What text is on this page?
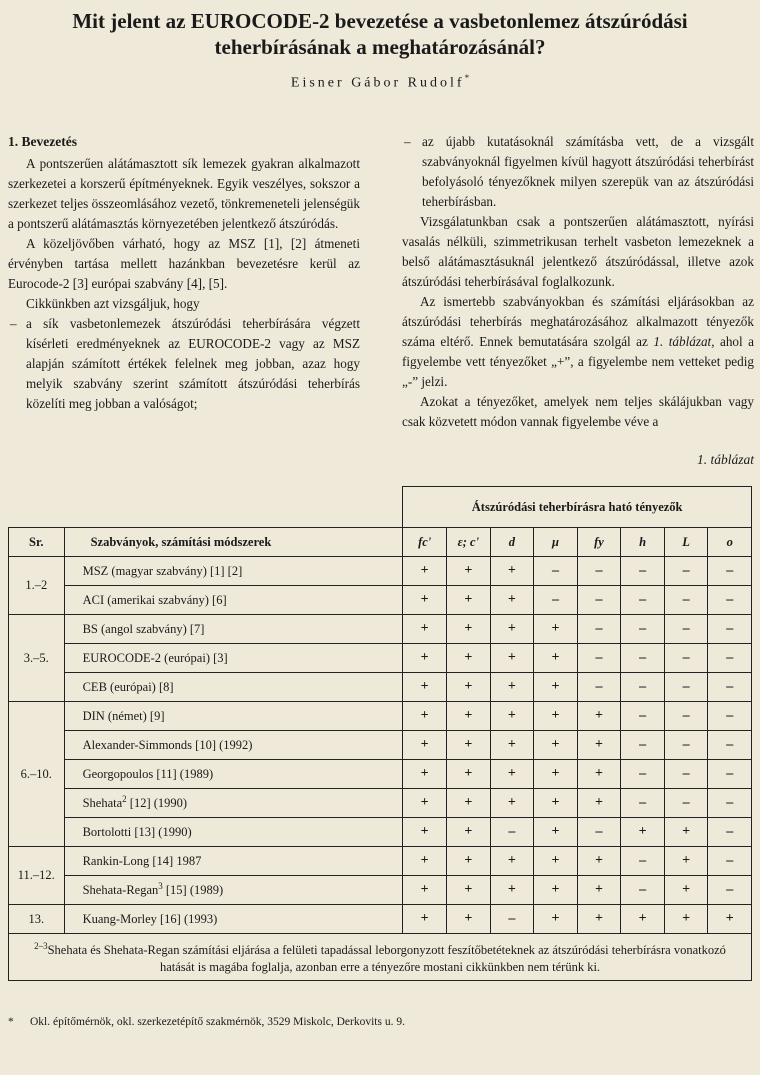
Mit jelent az EUROCODE-2 bevezetése a vasbetonlemez átszúródási
teherbírásának a meghatározásánál?
Eisner Gábor Rudolf*

1. Bevezetés

A pontszerűen alátámasztott sík lemezek gyakran alkalmazott szerkezetei a korszerű építményeknek. Egyik veszélyes, sokszor a szerkezet teljes összeomlásához vezető, tönkremeneteli jelenségük a pontszerű alátámasztás környezetében jelentkező átszúródás.

A közeljövőben várható, hogy az MSZ [1], [2] átmeneti érvényben tartása mellett hazánkban bevezetésre kerül az Eurocode-2 [3] európai szabvány [4], [5].

Cikkünkben azt vizsgáljuk, hogy

– a sík vasbetonlemezek átszúródási teherbírására végzett kísérleti eredményeknek az EUROCODE-2 vagy az MSZ alapján számított értékek felelnek meg jobban, azaz hogy melyik szabvány szerint számított átszúródási teherbírás közelíti meg jobban a valóságot;

– az újabb kutatásoknál számításba vett, de a vizsgált szabványoknál figyelmen kívül hagyott átszúródási teherbírást befolyásoló tényezőknek milyen szerepük van az átszúródási teherbírásban.

Vizsgálatunkban csak a pontszerűen alátámasztott, nyírási vasalás nélküli, szimmetrikusan terhelt vasbeton lemezeknek a belső alátámasztásuknál jelentkező átszúródással, illetve azok átszúródási teherbírásával foglalkozunk.

Az ismertebb szabványokban és számítási eljárásokban az átszúródási teherbírás meghatározásához alkalmazott tényezők száma eltérő. Ennek bemutatására szolgál az 1. táblázat, ahol a figyelembe vett tényezőket „+”, a figyelembe nem vetteket pedig „-” jelzi.

Azokat a tényezőket, amelyek nem teljes skálájukban vagy csak közvetett módon vannak figyelembe véve a

1. táblázat
		Átszúródási teherbírásra ható tényezők							
Sr.	Szabványok, számítási módszerek	fc'	ε; c'	d	μ	fy	h	L	ο
1.–2	MSZ (magyar szabvány) [1] [2]	+	+	+	–	–	–	–	–
	ACI (amerikai szabvány) [6]	+	+	+	–	–	–	–	–
3.–5.	BS (angol szabvány) [7]	+	+	+	+	–	–	–	–
	EUROCODE-2 (európai) [3]	+	+	+	+	–	–	–	–
	CEB (európai) [8]	+	+	+	+	–	–	–	–
6.–10.	DIN (német) [9]	+	+	+	+	+	–	–	–
	Alexander-Simmonds [10] (1992)	+	+	+	+	+	–	–	–
	Georgopoulos [11] (1989)	+	+	+	+	+	–	–	–
	Shehata$^2$ [12] (1990)	+	+	+	+	+	–	–	–
	Bortolotti [13] (1990)	+	+	–	+	–	+	+	–
11.–12.	Rankin-Long [14] 1987	+	+	+	+	+	–	+	–
	Shehata-Regan$^3$ [15] (1989)	+	+	+	+	+	–	+	–
13.	Kuang-Morley [16] (1993)	+	+	–	+	+	+	+	+
$^{2-3}$Shehata és Shehata-Regan számítási eljárása a felületi tapadással leborgonyzott feszítőbetéteknek az átszúródási teherbírásra vonatkozó hatását is magába foglalja, azonban erre a tényezőre mostani cikkünkben nem térünk ki.									
* Okl. építőmérnök, okl. szerkezetépítő szakmérnök, 3529 Miskolc, Derkovits u. 9.
